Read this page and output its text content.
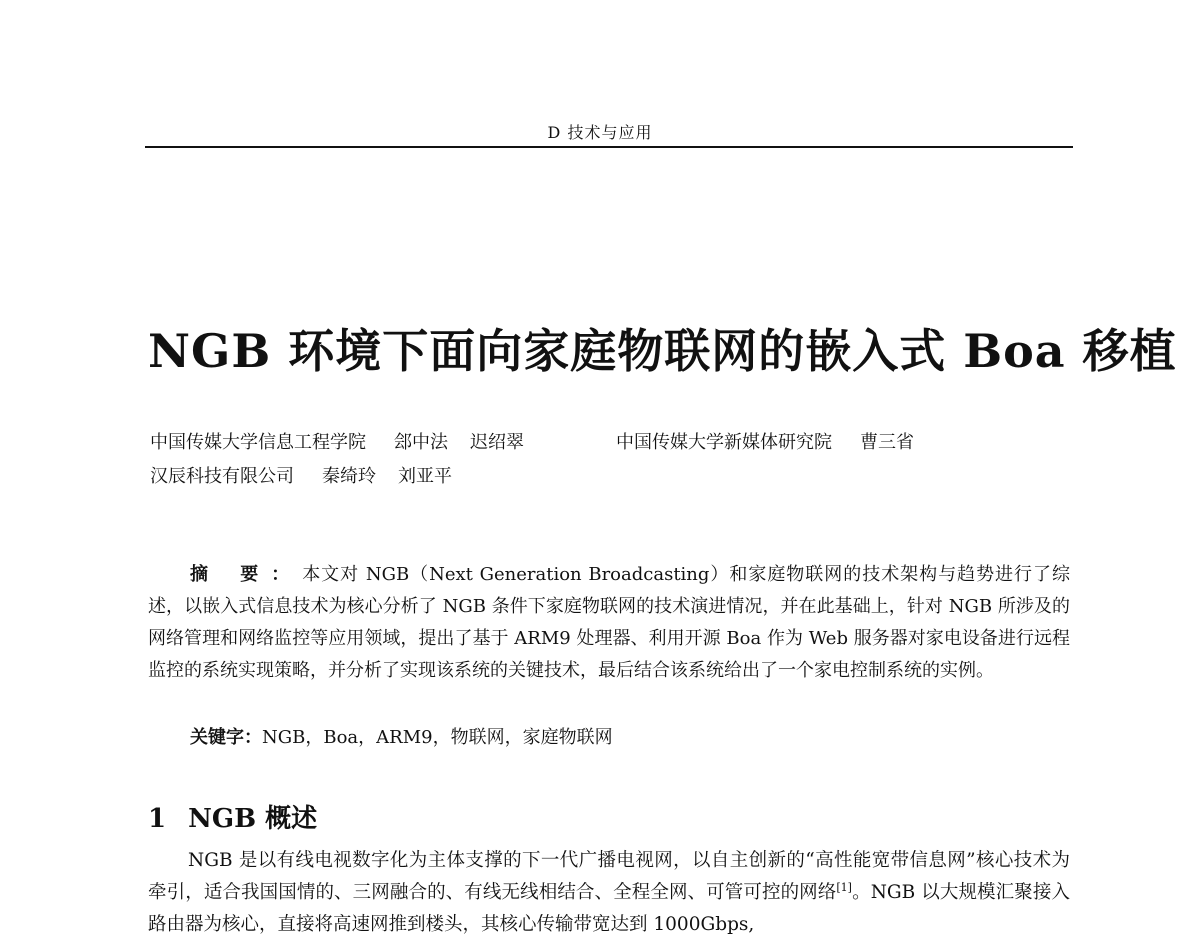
D 技术与应用
NGB 环境下面向家庭物联网的嵌入式 Boa 移植
中国传媒大学信息工程学院 郐中法 迟绍翠	中国传媒大学新媒体研究院 曹三省
汉辰科技有限公司 秦绮玲 刘亚平

摘 要：本文对 NGB（Next Generation Broadcasting）和家庭物联网的技术架构与趋势进行了综述，以嵌入式信息技术为核心分析了 NGB 条件下家庭物联网的技术演进情况，并在此基础上，针对 NGB 所涉及的网络管理和网络监控等应用领域，提出了基于 ARM9 处理器、利用开源 Boa 作为 Web 服务器对家电设备进行远程监控的系统实现策略，并分析了实现该系统的关键技术，最后结合该系统给出了一个家电控制系统的实例。

关键字：NGB，Boa，ARM9，物联网，家庭物联网

1 NGB 概述

NGB 是以有线电视数字化为主体支撑的下一代广播电视网，以自主创新的“高性能宽带信息网”核心技术为牵引，适合我国国情的、三网融合的、有线无线相结合、全程全网、可管可控的网络[1]。NGB 以大规模汇聚接入路由器为核心，直接将高速网推到楼头，其核心传输带宽达到 1000Gbps,
